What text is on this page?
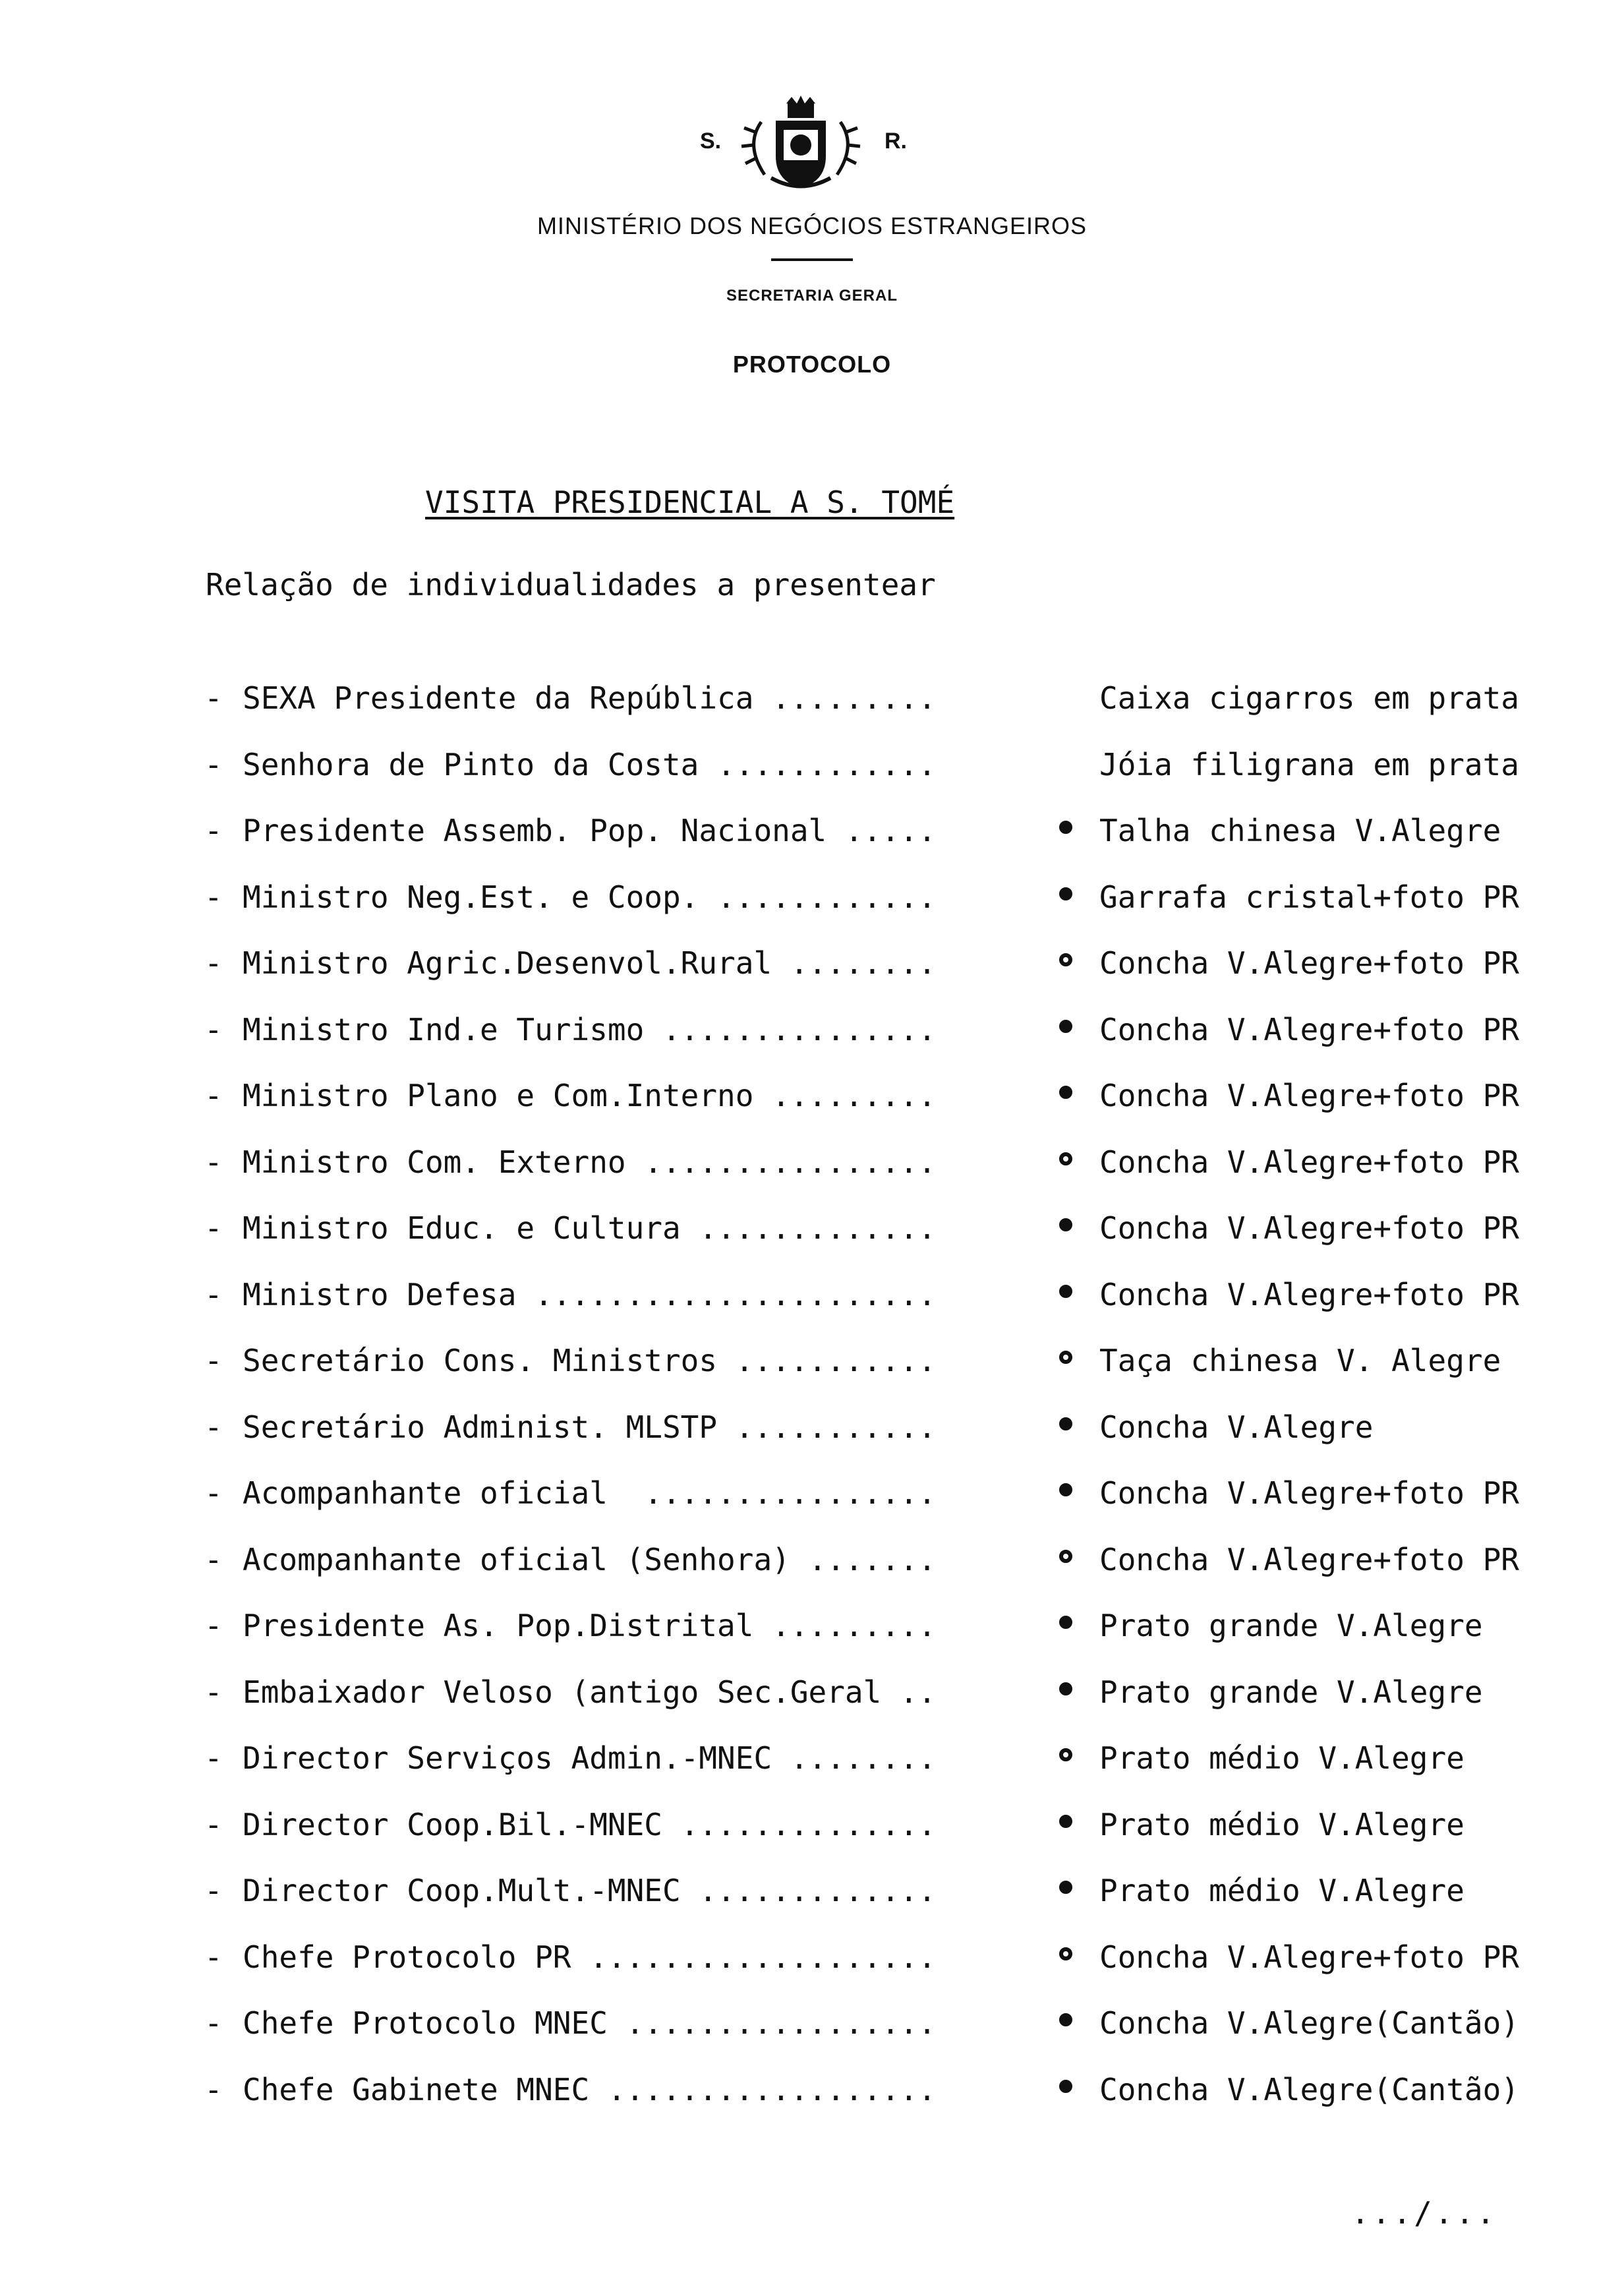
S.	R.
MINISTÉRIO DOS NEGÓCIOS ESTRANGEIROS
SECRETARIA GERAL
PROTOCOLO
VISITA PRESIDENCIAL A S. TOMÉ
Relação de individualidades a presentear
- SEXA Presidente da República .........	Caixa cigarros em prata
- Senhora de Pinto da Costa ............	Jóia filigrana em prata
- Presidente Assemb. Pop. Nacional .....	Talha chinesa V.Alegre
- Ministro Neg.Est. e Coop. ............	Garrafa cristal+foto PR
- Ministro Agric.Desenvol.Rural ........	Concha V.Alegre+foto PR
- Ministro Ind.e Turismo ...............	Concha V.Alegre+foto PR
- Ministro Plano e Com.Interno .........	Concha V.Alegre+foto PR
- Ministro Com. Externo ................	Concha V.Alegre+foto PR
- Ministro Educ. e Cultura .............	Concha V.Alegre+foto PR
- Ministro Defesa ......................	Concha V.Alegre+foto PR
- Secretário Cons. Ministros ...........	Taça chinesa V. Alegre
- Secretário Administ. MLSTP ...........	Concha V.Alegre
- Acompanhante oficial  ................	Concha V.Alegre+foto PR
- Acompanhante oficial (Senhora) .......	Concha V.Alegre+foto PR
- Presidente As. Pop.Distrital .........	Prato grande V.Alegre
- Embaixador Veloso (antigo Sec.Geral ..	Prato grande V.Alegre
- Director Serviços Admin.-MNEC ........	Prato médio V.Alegre
- Director Coop.Bil.-MNEC ..............	Prato médio V.Alegre
- Director Coop.Mult.-MNEC .............	Prato médio V.Alegre
- Chefe Protocolo PR ...................	Concha V.Alegre+foto PR
- Chefe Protocolo MNEC .................	Concha V.Alegre(Cantão)
- Chefe Gabinete MNEC ..................	Concha V.Alegre(Cantão)
.../...
